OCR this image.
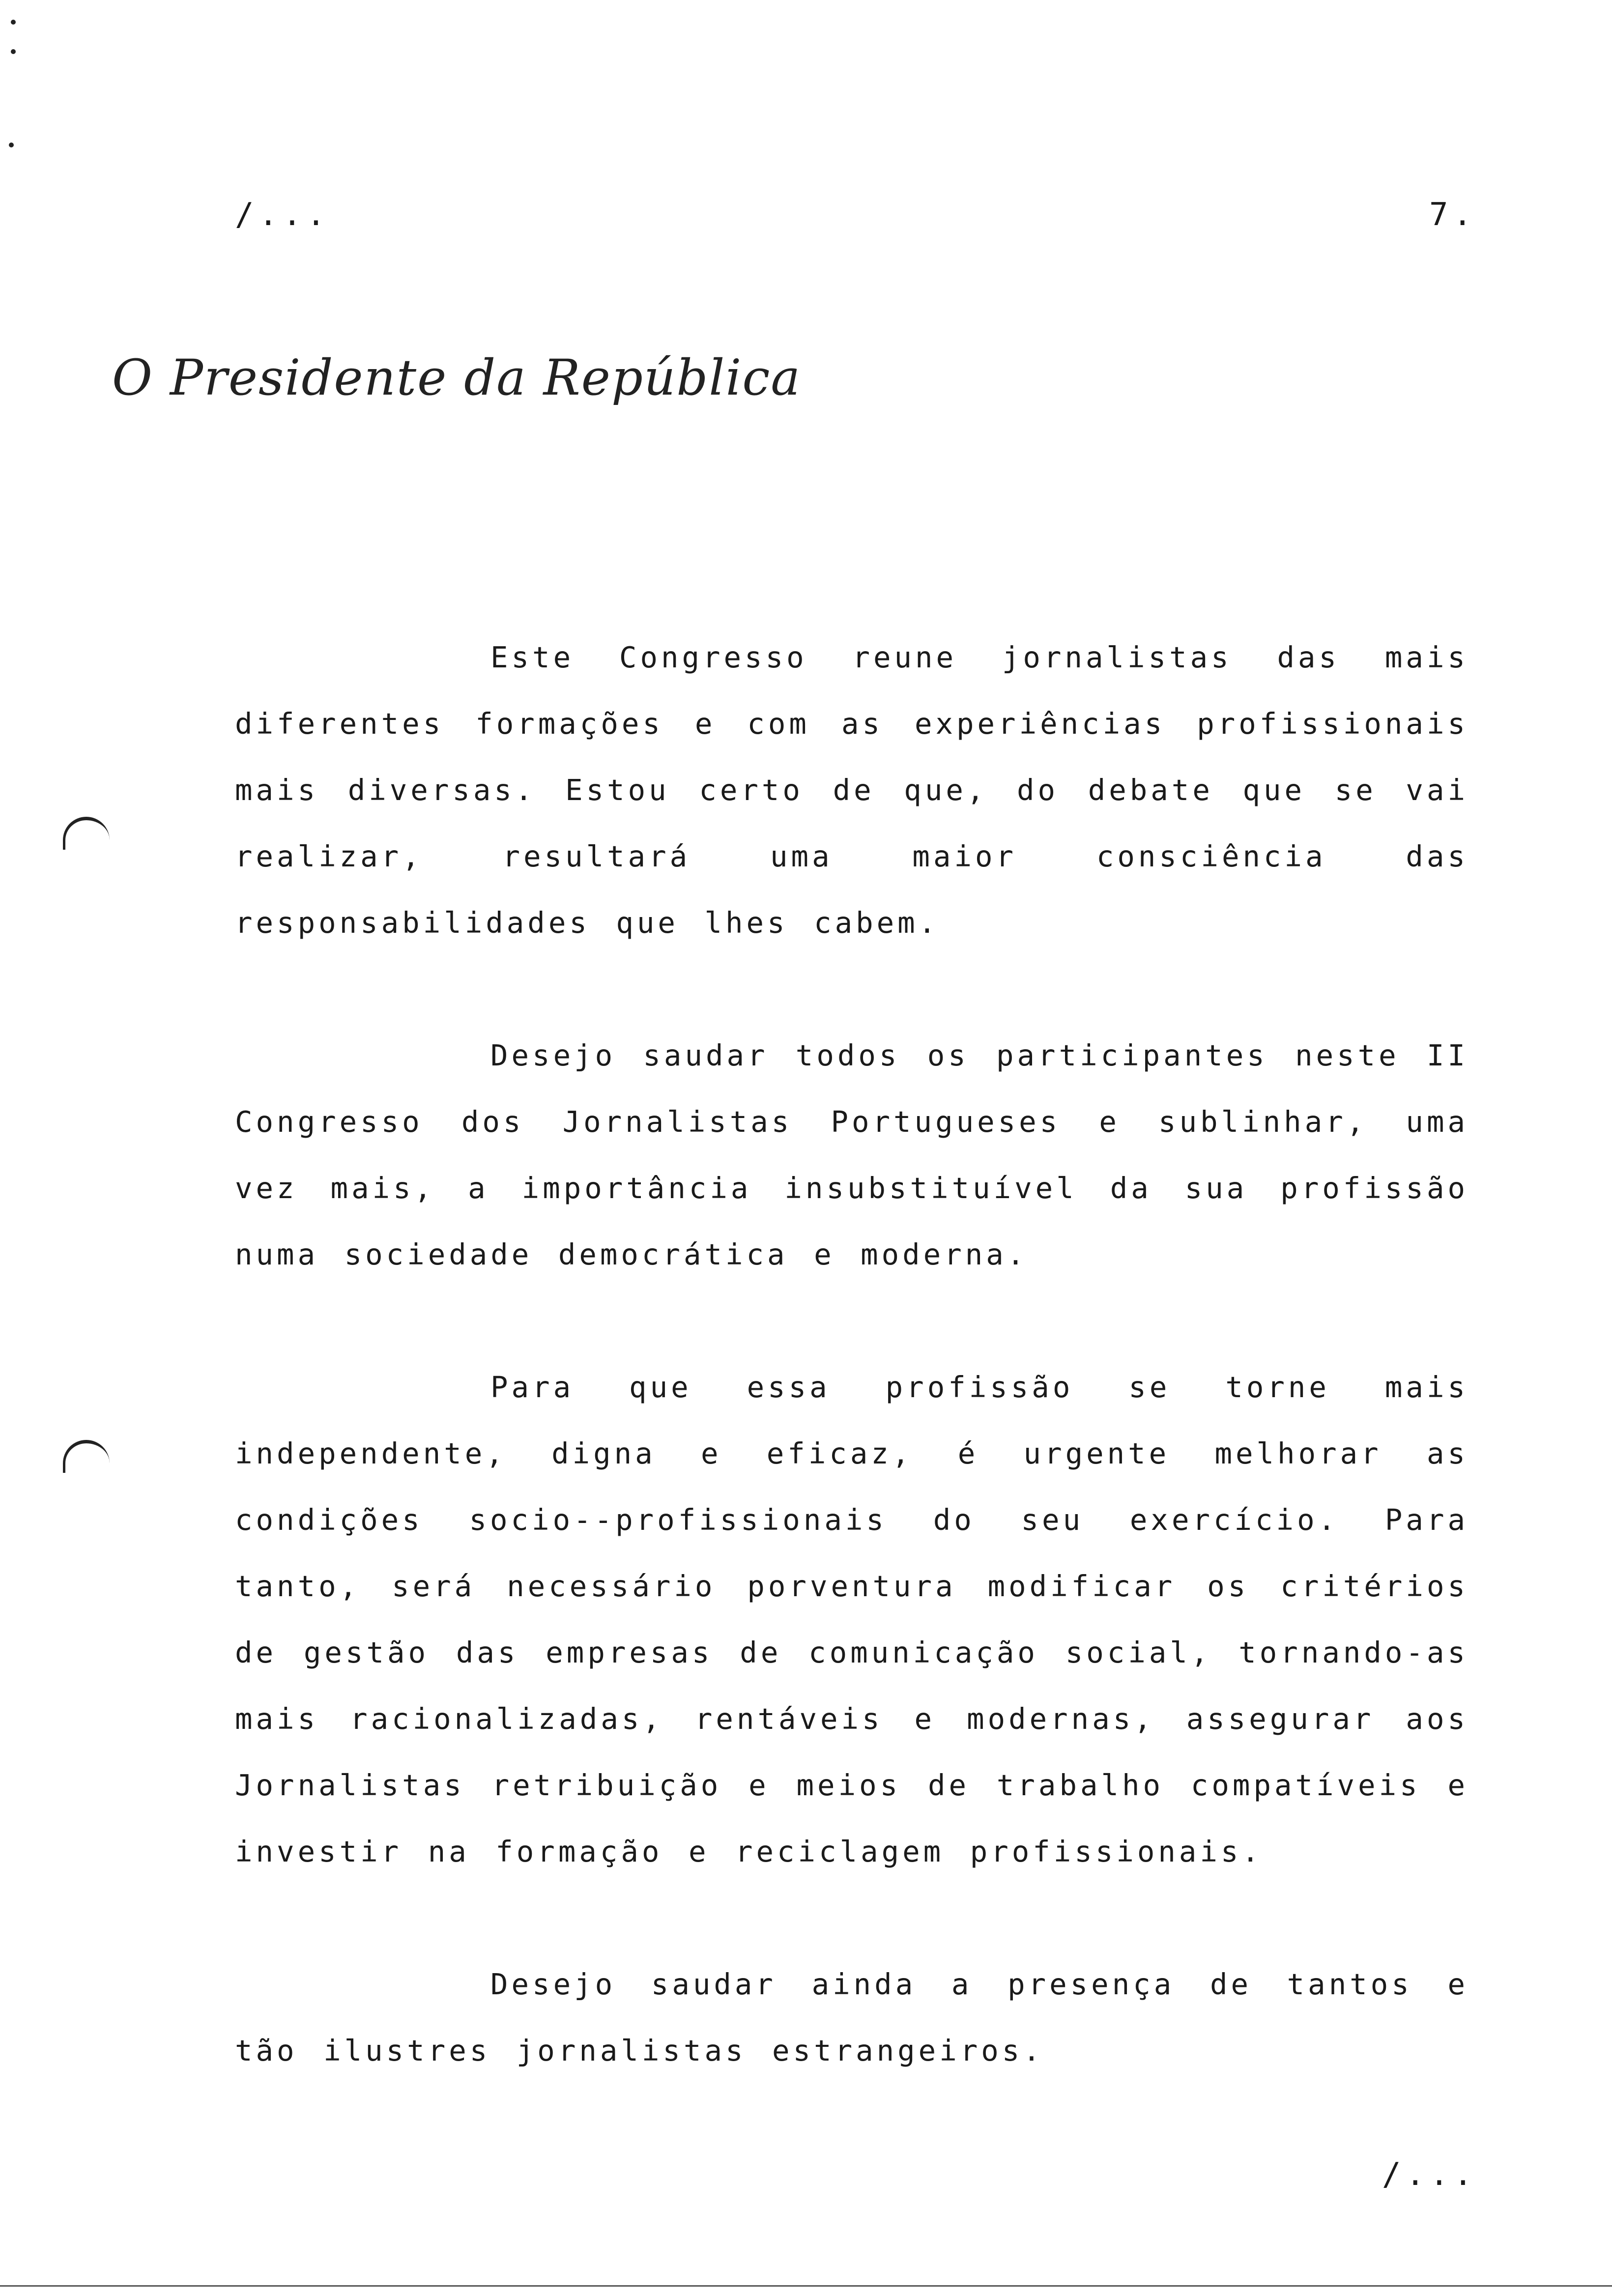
/...	7.
O Presidente da República

Este Congresso reune jornalistas das mais diferentes formações e com as experiências profissionais mais diversas. Estou certo de que, do debate que se vai realizar, resultará uma maior consciência das responsabilidades que lhes cabem.

Desejo saudar todos os participantes neste II Congresso dos Jornalistas Portugueses e sublinhar, uma vez mais, a importância insubstituível da sua profissão numa sociedade democrática e moderna.

Para que essa profissão se torne mais independente, digna e eficaz, é urgente melhorar as condições socio--profissionais do seu exercício. Para tanto, será necessário porventura modificar os critérios de gestão das empresas de comunicação social, tornando-as mais racionalizadas, rentáveis e modernas, assegurar aos Jornalistas retribuição e meios de trabalho compatíveis e investir na formação e reciclagem profissionais.

Desejo saudar ainda a presença de tantos e tão ilustres jornalistas estrangeiros.

/...
